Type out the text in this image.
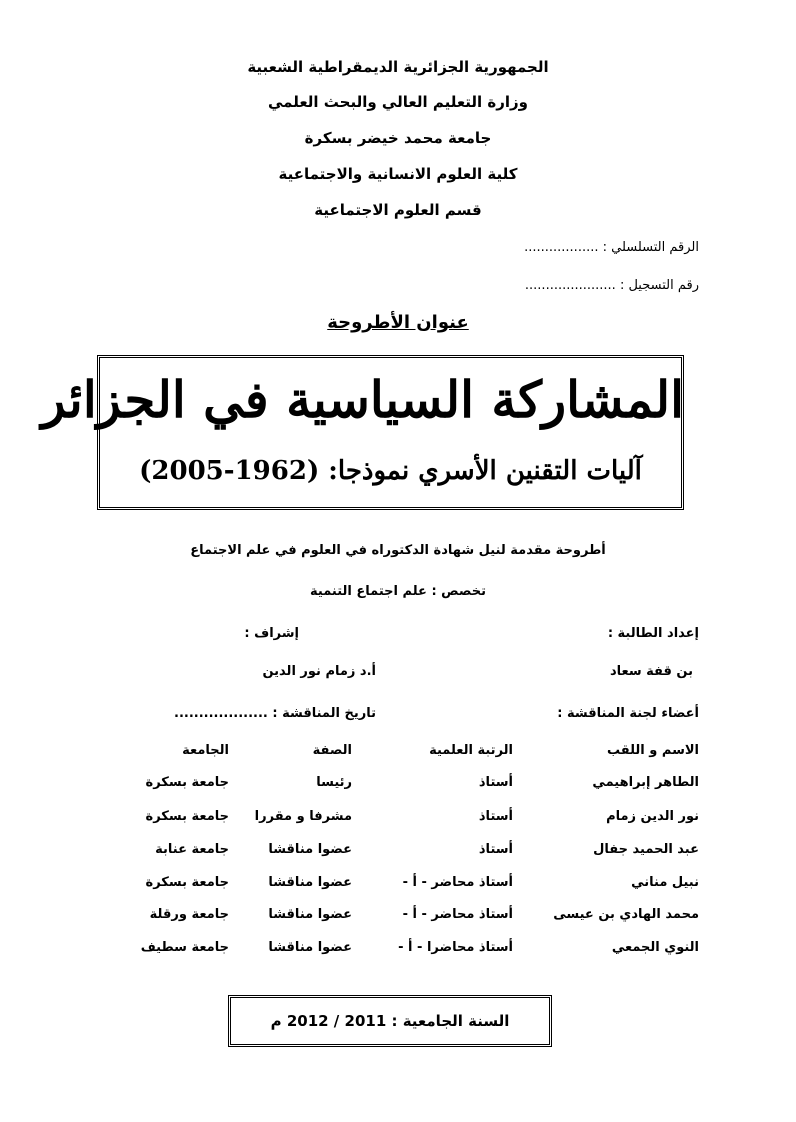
الجمهورية الجزائرية الديمقراطية الشعبية
وزارة التعليم العالي والبحث العلمي
جامعة محمد خيضر بسكرة
كلية العلوم الانسانية والاجتماعية
قسم العلوم الاجتماعية
الرقم التسلسلي : ..................
رقم التسجيل : ......................
عنوان الأطروحة
المشاركة السياسية في الجزائر
آليات التقنين الأسري نموذجا: (1962-2005)
أطروحة مقدمة لنيل شهادة الدكتوراه في العلوم في علم الاجتماع
تخصص : علم اجتماع التنمية
إعداد الطالبة :
إشراف :
بن قفة سعاد
أ.د زمام نور الدين
أعضاء لجنة المناقشة :
تاريخ المناقشة : ...................
الاسم و اللقب
الرتبة العلمية
الصفة
الجامعة
الطاهر إبراهيمي
أستاذ
رئيسا
جامعة بسكرة
نور الدين زمام
أستاذ
مشرفا و مقررا
جامعة بسكرة
عبد الحميد جفال
أستاذ
عضوا مناقشا
جامعة عنابة
نبيل مناني
أستاذ محاضر - أ -
عضوا مناقشا
جامعة بسكرة
محمد الهادي بن عيسى
أستاذ محاضر - أ -
عضوا مناقشا
جامعة ورقلة
النوي الجمعي
أستاذ محاضرا - أ -
عضوا مناقشا
جامعة سطيف
السنة الجامعية : 2011 / 2012 م
